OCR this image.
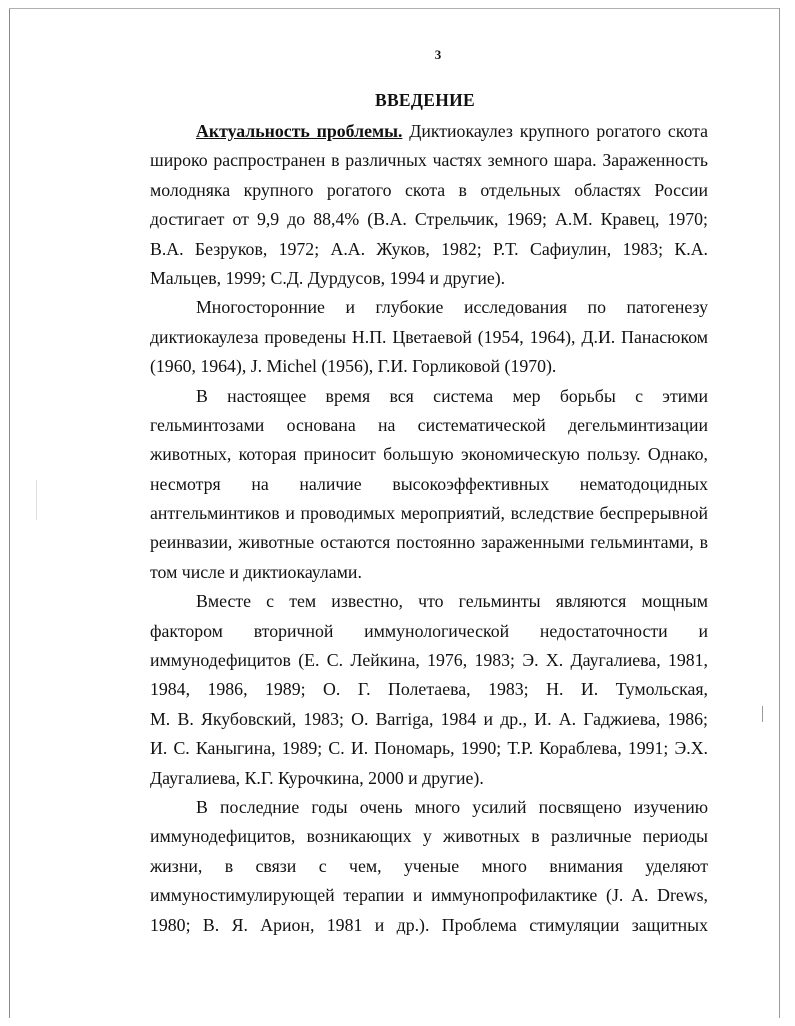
3
ВВЕДЕНИЕ
Актуальность проблемы. Диктиокаулез крупного рогатого скота
широко распространен в различных частях земного шара. Зараженность
молодняка крупного рогатого скота в отдельных областях России
достигает от 9,9 до 88,4% (В.А. Стрельчик, 1969; А.М. Кравец, 1970;
В.А. Безруков, 1972; А.А. Жуков, 1982; Р.Т. Сафиулин, 1983; К.А.
Мальцев, 1999; С.Д. Дурдусов, 1994 и другие).
Многосторонние и глубокие исследования по патогенезу
диктиокаулеза проведены Н.П. Цветаевой (1954, 1964), Д.И. Панасюком
(1960, 1964), J. Michel (1956), Г.И. Горликовой (1970).
В настоящее время вся система мер борьбы с этими
гельминтозами основана на систематической дегельминтизации
животных, которая приносит большую экономическую пользу. Однако,
несмотря на наличие высокоэффективных нематодоцидных
антгельминтиков и проводимых мероприятий, вследствие беспрерывной
реинвазии, животные остаются постоянно зараженными гельминтами, в
том числе и диктиокаулами.
Вместе с тем известно, что гельминты являются мощным
фактором вторичной иммунологической недостаточности и
иммунодефицитов (Е. С. Лейкина, 1976, 1983; Э. Х. Даугалиева, 1981,
1984, 1986, 1989; О. Г. Полетаева, 1983; Н. И. Тумольская,
М. В. Якубовский, 1983; O. Barriga, 1984 и др., И. А. Гаджиева, 1986;
И. С. Каныгина, 1989; С. И. Пономарь, 1990; Т.Р. Кораблева, 1991; Э.Х.
Даугалиева, К.Г. Курочкина, 2000 и другие).
В последние годы очень много усилий посвящено изучению
иммунодефицитов, возникающих у животных в различные периоды
жизни, в связи с чем, ученые много внимания уделяют
иммуностимулирующей терапии и иммунопрофилактике (J. A. Drews,
1980; В. Я. Арион, 1981 и др.). Проблема стимуляции защитных
